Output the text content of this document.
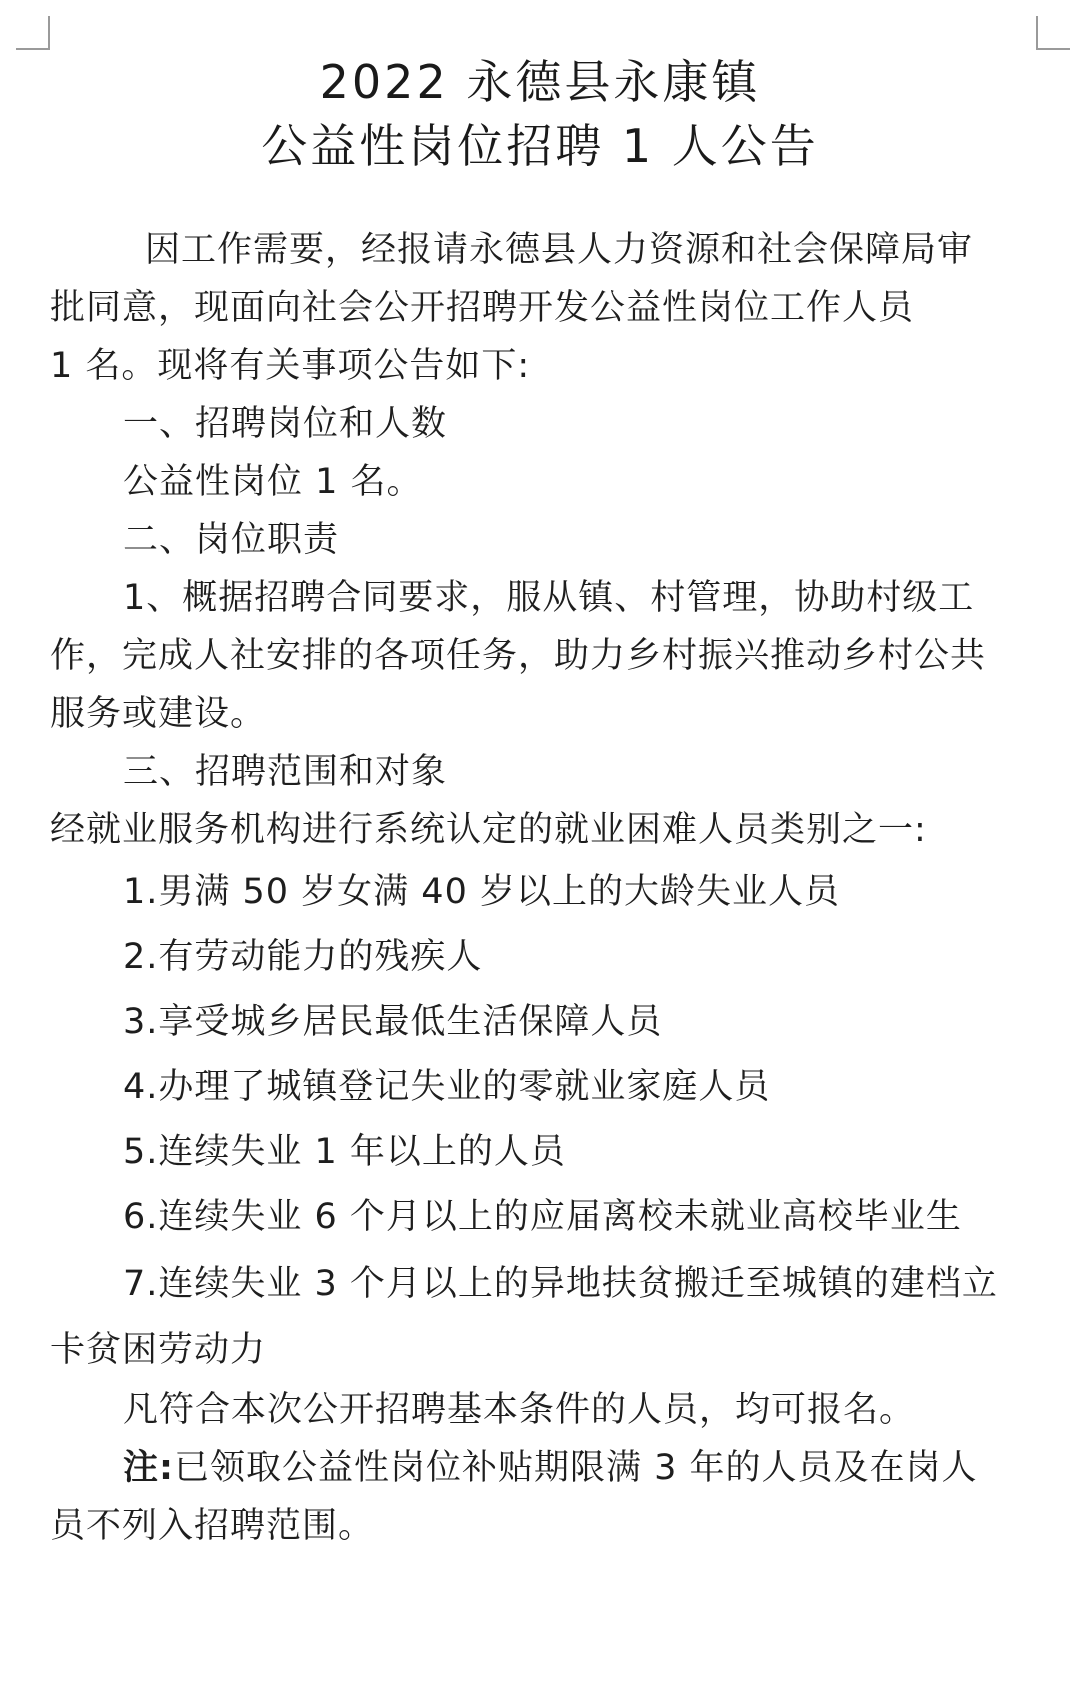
2022 永德县永康镇
公益性岗位招聘 1 人公告
因工作需要，经报请永德县人力资源和社会保障局审
批同意，现面向社会公开招聘开发公益性岗位工作人员
1 名。现将有关事项公告如下:
一、招聘岗位和人数
公益性岗位 1 名。
二、岗位职责
1、概据招聘合同要求，服从镇、村管理，协助村级工
作，完成人社安排的各项任务，助力乡村振兴推动乡村公共
服务或建设。
三、招聘范围和对象
经就业服务机构进行系统认定的就业困难人员类别之一:
1.男满 50 岁女满 40 岁以上的大龄失业人员
2.有劳动能力的残疾人
3.享受城乡居民最低生活保障人员
4.办理了城镇登记失业的零就业家庭人员
5.连续失业 1 年以上的人员
6.连续失业 6 个月以上的应届离校未就业高校毕业生
7.连续失业 3 个月以上的异地扶贫搬迁至城镇的建档立
卡贫困劳动力
凡符合本次公开招聘基本条件的人员，均可报名。
注:已领取公益性岗位补贴期限满 3 年的人员及在岗人
员不列入招聘范围。
